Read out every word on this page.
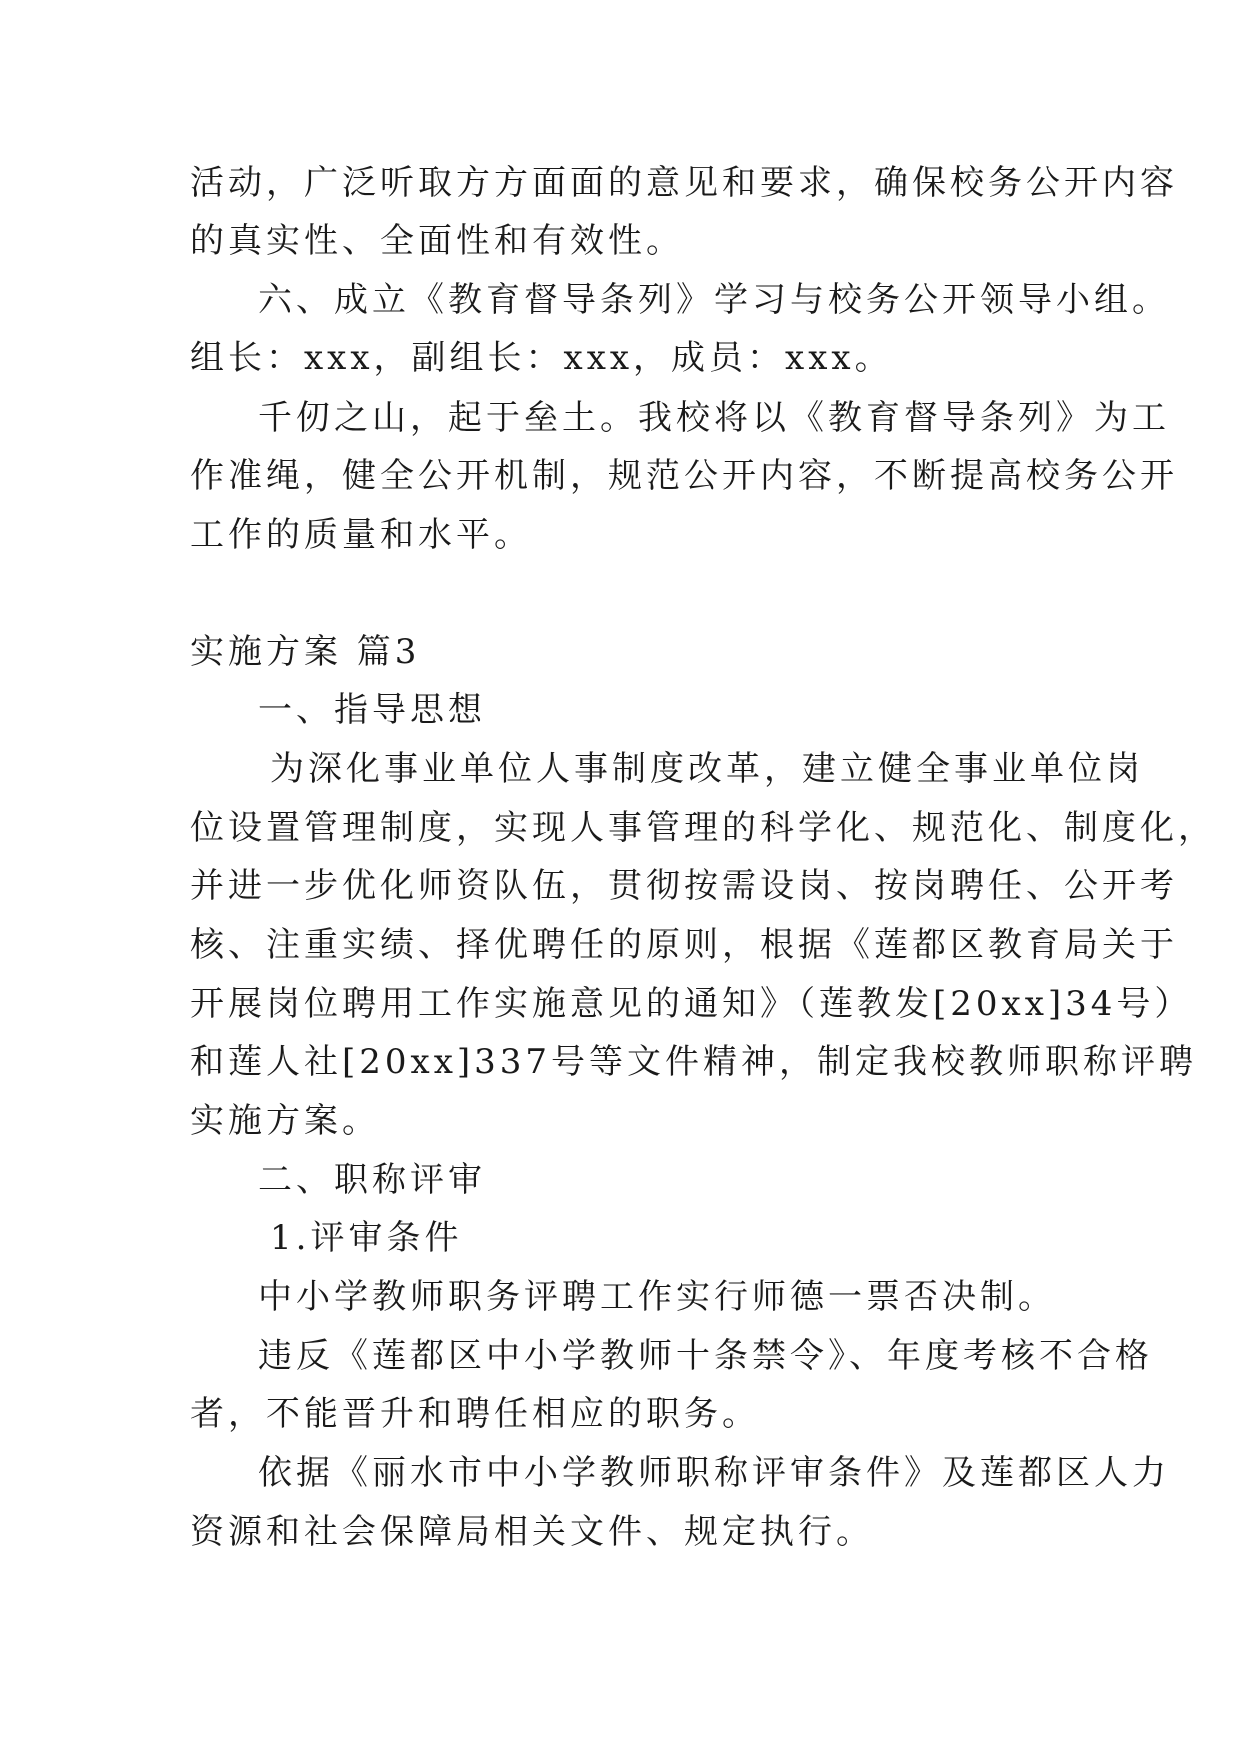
活动，广泛听取方方面面的意见和要求，确保校务公开内容
的真实性、全面性和有效性。
六、成立《教育督导条列》学习与校务公开领导小组。
组长：xxx，副组长：xxx，成员：xxx。
千仞之山，起于垒土。我校将以《教育督导条列》为工
作准绳，健全公开机制，规范公开内容，不断提高校务公开
工作的质量和水平。
实施方案 篇3
一、指导思想
为深化事业单位人事制度改革，建立健全事业单位岗
位设置管理制度，实现人事管理的科学化、规范化、制度化，
并进一步优化师资队伍，贯彻按需设岗、按岗聘任、公开考
核、注重实绩、择优聘任的原则，根据《莲都区教育局关于
开展岗位聘用工作实施意见的通知》（莲教发[20xx]34号）
和莲人社[20xx]337号等文件精神，制定我校教师职称评聘
实施方案。
二、职称评审
1.评审条件
中小学教师职务评聘工作实行师德一票否决制。
违反《莲都区中小学教师十条禁令》、年度考核不合格
者，不能晋升和聘任相应的职务。
依据《丽水市中小学教师职称评审条件》及莲都区人力
资源和社会保障局相关文件、规定执行。
